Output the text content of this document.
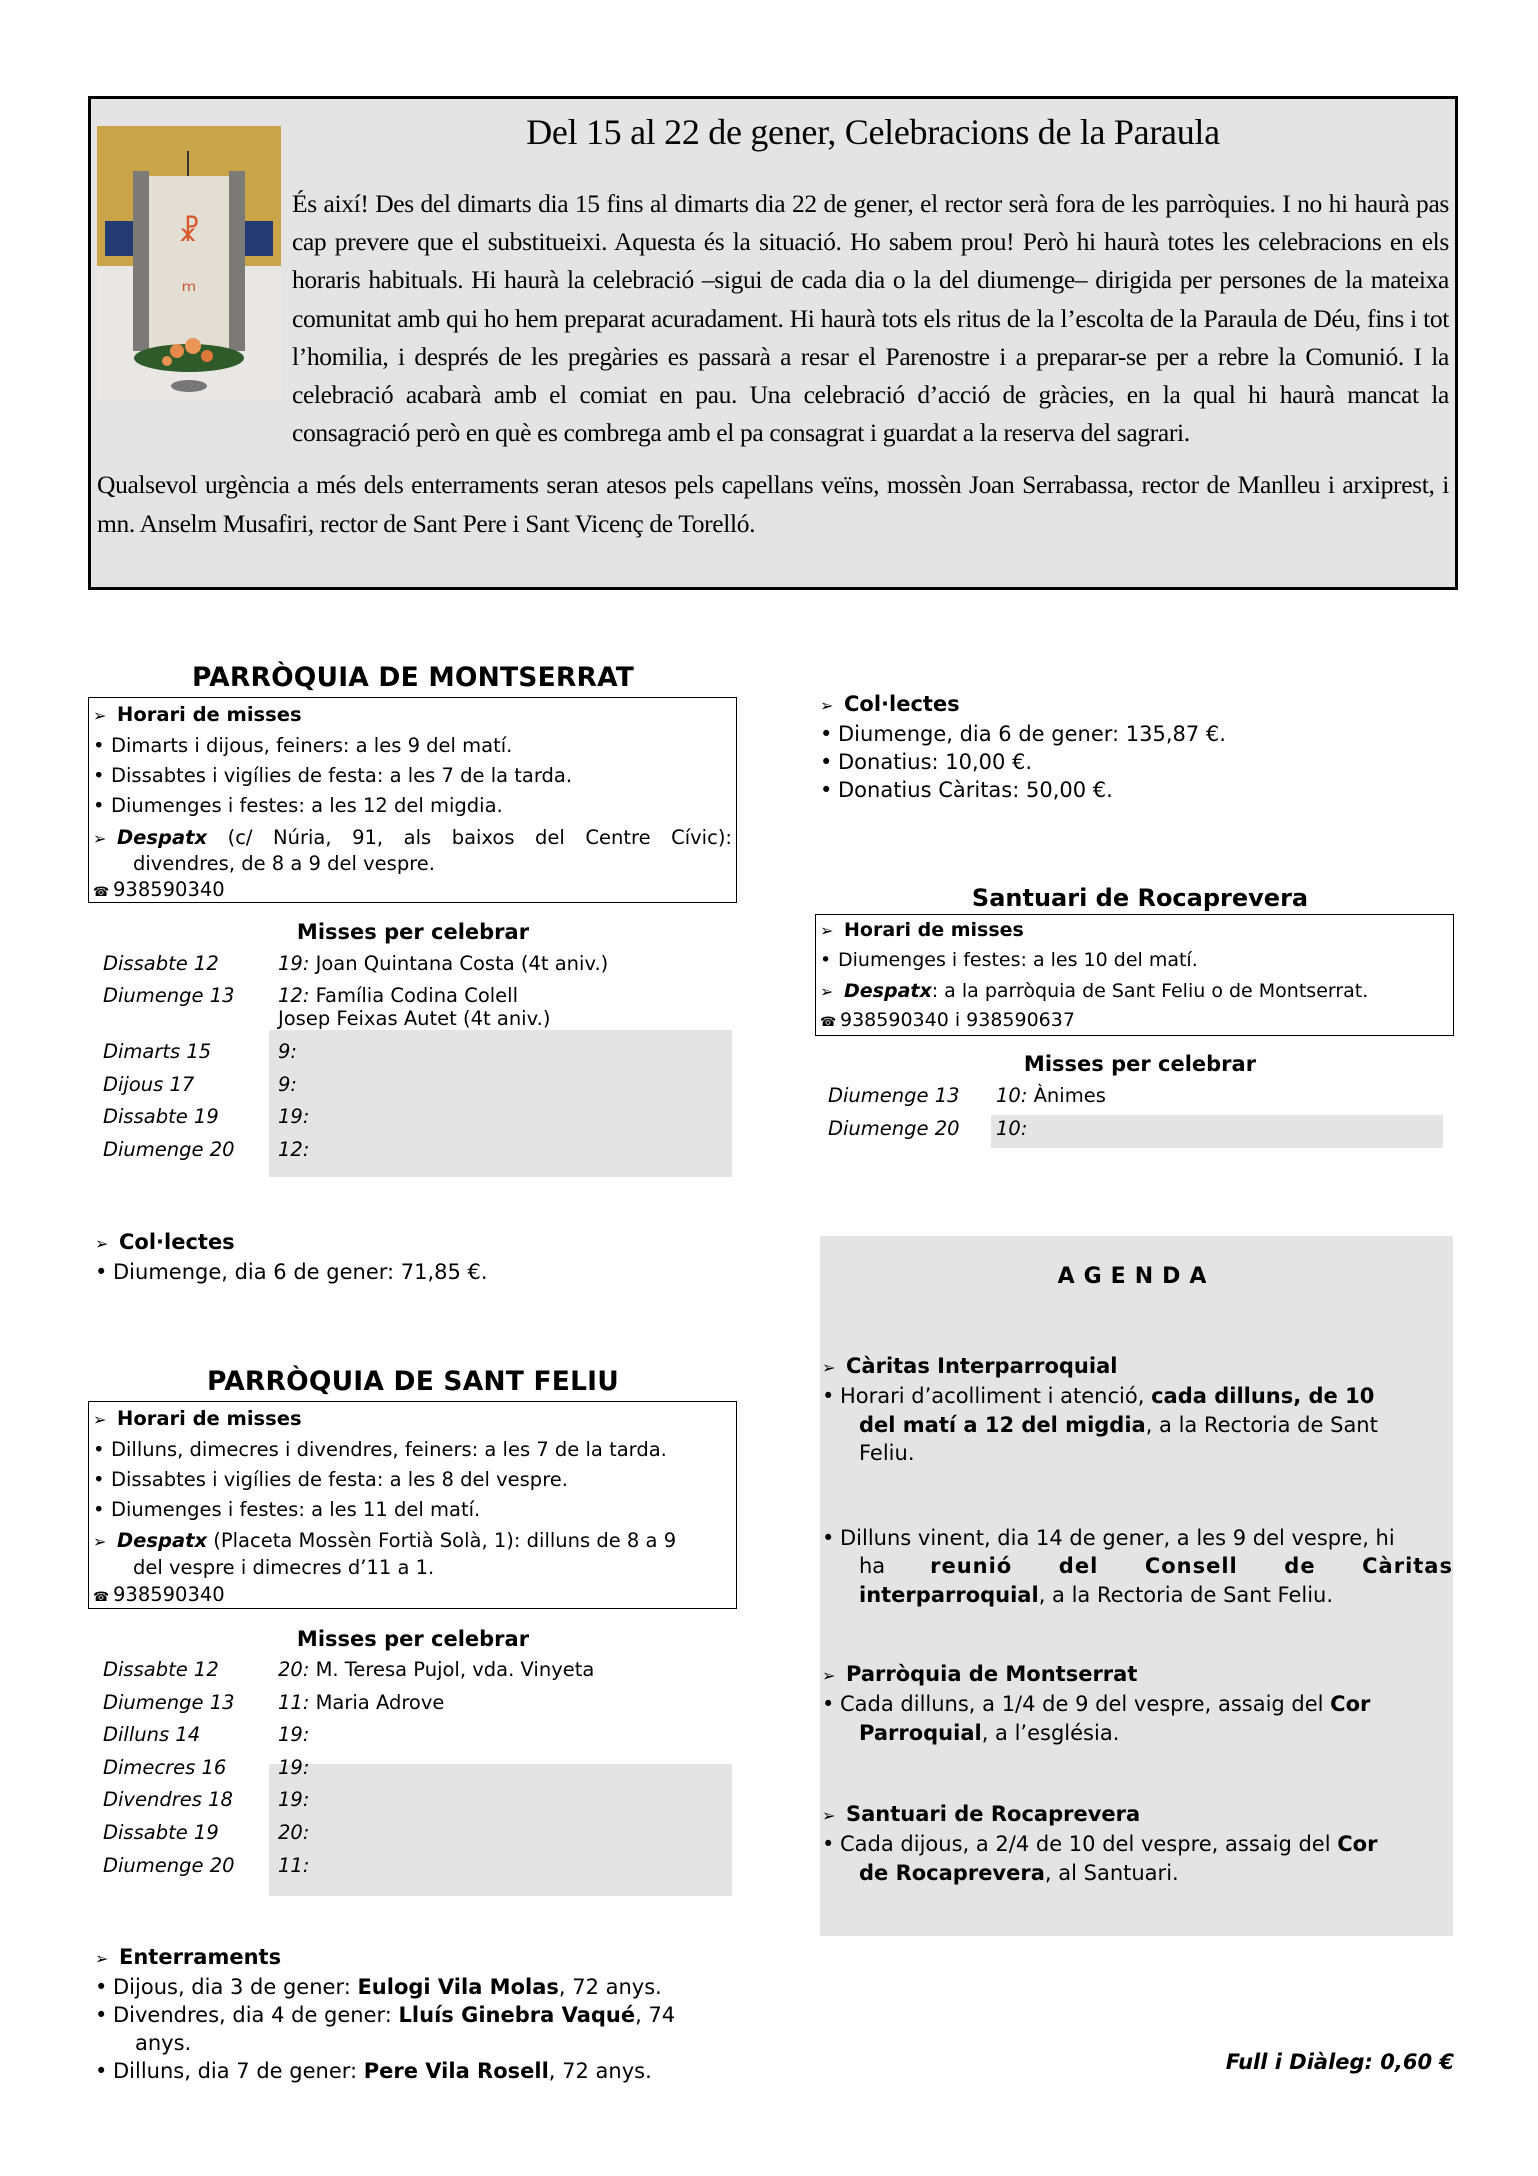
☧
ₘ
Del 15 al 22 de gener, Celebracions de la Paraula

És així! Des del dimarts dia 15 fins al dimarts dia 22 de gener, el rector serà fora de les parròquies. I no hi haurà pas cap prevere que el substitueixi. Aquesta és la situació. Ho sabem prou! Però hi haurà totes les celebracions en els horaris habituals. Hi haurà la celebració –sigui de cada dia o la del diumenge– dirigida per persones de la mateixa comunitat amb qui ho hem preparat acuradament. Hi haurà tots els ritus de la l’escolta de la Paraula de Déu, fins i tot l’homilia, i després de les pregàries es passarà a resar el Parenostre i a preparar-se per a rebre la Comunió. I la celebració acabarà amb el comiat en pau. Una celebració d’acció de gràcies, en la qual hi haurà mancat la consagració però en què es combrega amb el pa consagrat i guardat a la reserva del sagrari.

Qualsevol urgència a més dels enterraments seran atesos pels capellans veïns, mossèn Joan Serrabassa, rector de Manlleu i arxiprest, i mn. Anselm Musafiri, rector de Sant Pere i Sant Vicenç de Torelló.

PARRÒQUIA DE MONTSERRAT
➢ Horari de misses
• Dimarts i dijous, feiners: a les 9 del matí.
• Dissabtes i vigílies de festa: a les 7 de la tarda.
• Diumenges i festes: a les 12 del migdia.
➢ Despatx (c/ Núria, 91, als baixos del Centre Cívic):
divendres, de 8 a 9 del vespre.
☎ 938590340
Misses per celebrar
Dissabte 12	19: Joan Quintana Costa (4t aniv.)
Diumenge 13 12: Família Codina Colell
Josep Feixas Autet (4t aniv.)
Dimarts 15	9:
Dijous 17	9:
Dissabte 19	19:
Diumenge 20 12:
➢ Col·lectes
• Diumenge, dia 6 de gener: 71,85 €.
➢ Col·lectes
• Diumenge, dia 6 de gener: 135,87 €.
• Donatius: 10,00 €.
• Donatius Càritas: 50,00 €.
Santuari de Rocaprevera
➢ Horari de misses
• Diumenges i festes: a les 10 del matí.
➢ Despatx: a la parròquia de Sant Feliu o de Montserrat.
☎ 938590340 i 938590637
Misses per celebrar
Diumenge 13 10: Ànimes
Diumenge 20 10:
PARRÒQUIA DE SANT FELIU
➢ Horari de misses
• Dilluns, dimecres i divendres, feiners: a les 7 de la tarda.
• Dissabtes i vigílies de festa: a les 8 del vespre.
• Diumenges i festes: a les 11 del matí.
➢ Despatx (Placeta Mossèn Fortià Solà, 1): dilluns de 8 a 9
del vespre i dimecres d’11 a 1.
☎ 938590340
Misses per celebrar
Dissabte 12	20: M. Teresa Pujol, vda. Vinyeta
Diumenge 13 11: Maria Adrove
Dilluns 14	19:
Dimecres 16	19:
Divendres 18 19:
Dissabte 19	20:
Diumenge 20 11:
➢ Enterraments
• Dijous, dia 3 de gener: Eulogi Vila Molas, 72 anys.
• Divendres, dia 4 de gener: Lluís Ginebra Vaqué, 74
anys.
• Dilluns, dia 7 de gener: Pere Vila Rosell, 72 anys.
AGENDA
➢ Càritas Interparroquial
• Horari d’acolliment i atenció, cada dilluns, de 10
del matí a 12 del migdia, a la Rectoria de Sant
Feliu.
• Dilluns vinent, dia 14 de gener, a les 9 del vespre, hi
ha reunió del Consell de Càritas
interparroquial, a la Rectoria de Sant Feliu.
➢ Parròquia de Montserrat
• Cada dilluns, a 1/4 de 9 del vespre, assaig del Cor
Parroquial, a l’església.
➢ Santuari de Rocaprevera
• Cada dijous, a 2/4 de 10 del vespre, assaig del Cor
de Rocaprevera, al Santuari.
Full i Diàleg: 0,60 €
